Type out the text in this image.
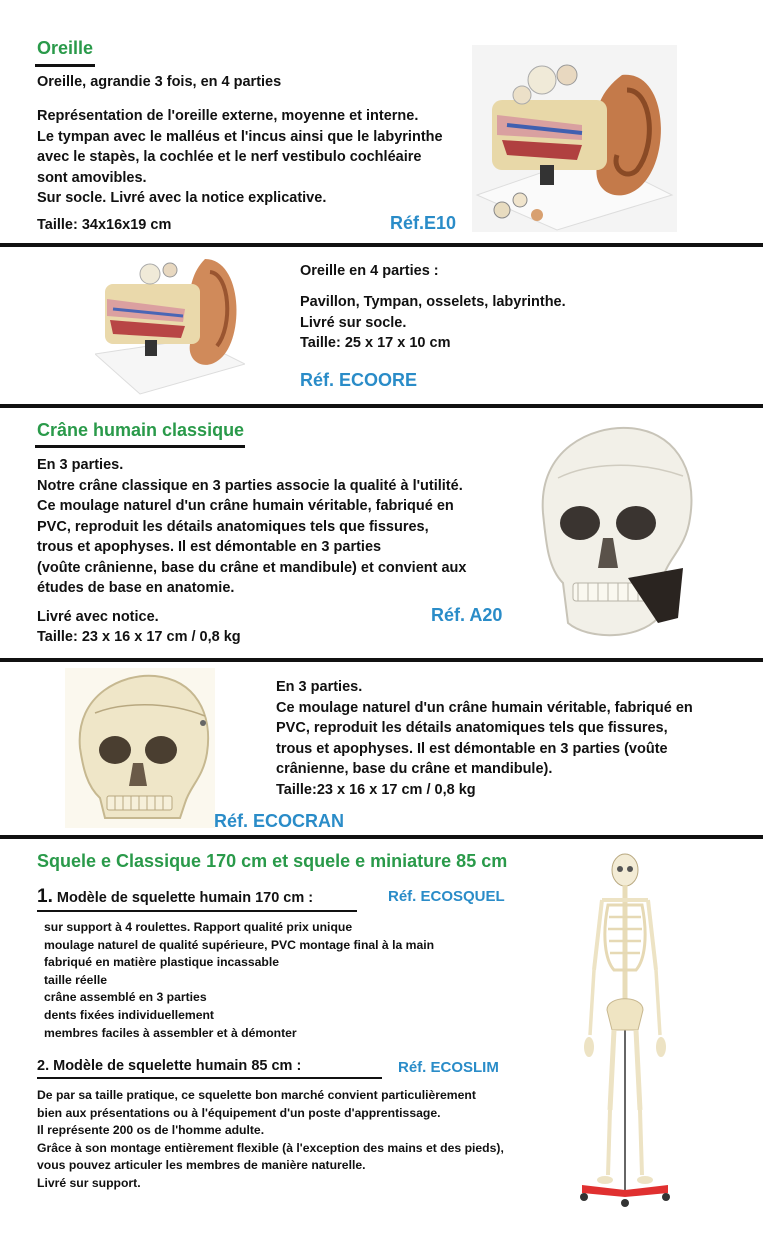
Oreille
Oreille, agrandie 3 fois, en 4 parties
Représentation de l'oreille externe, moyenne et interne.
Le tympan avec le malléus et l'incus ainsi que le labyrinthe
avec le stapès, la cochlée et le nerf vestibulo cochléaire
sont amovibles.
Sur socle. Livré avec la notice explicative.
Taille: 34x16x19 cm	Réf.E10
Oreille en 4 parties :
Pavillon, Tympan, osselets, labyrinthe.
Livré sur socle.
Taille: 25 x 17 x 10 cm
Réf. ECOORE
Crâne humain classique
En 3 parties.
Notre crâne classique en 3 parties associe la qualité à l'utilité.
Ce moulage naturel d'un crâne humain véritable, fabriqué en
PVC, reproduit les détails anatomiques tels que fissures,
trous et apophyses. Il est démontable en 3 parties
(voûte crânienne, base du crâne et mandibule) et convient aux
études de base en anatomie.
Livré avec notice.
Taille: 23 x 16 x 17 cm / 0,8 kg
Réf. A20
En 3 parties.
Ce moulage naturel d'un crâne humain véritable, fabriqué en
PVC, reproduit les détails anatomiques tels que fissures,
trous et apophyses. Il est démontable en 3 parties (voûte
crânienne, base du crâne et mandibule).
Taille:23 x 16 x 17 cm / 0,8 kg
Réf. ECOCRAN
Squele e Classique 170 cm et squele e miniature 85 cm
1. Modèle de squelette humain 170 cm :	Réf. ECOSQUEL
sur support à 4 roulettes. Rapport qualité prix unique
moulage naturel de qualité supérieure, PVC montage final à la main
fabriqué en matière plastique incassable
taille réelle
crâne assemblé en 3 parties
dents fixées individuellement
membres faciles à assembler et à démonter
2. Modèle de squelette humain 85 cm :	Réf. ECOSLIM
De par sa taille pratique, ce squelette bon marché convient particulièrement
bien aux présentations ou à l'équipement d'un poste d'apprentissage.
Il représente 200 os de l'homme adulte.
Grâce à son montage entièrement flexible (à l'exception des mains et des pieds),
vous pouvez articuler les membres de manière naturelle.
Livré sur support.
